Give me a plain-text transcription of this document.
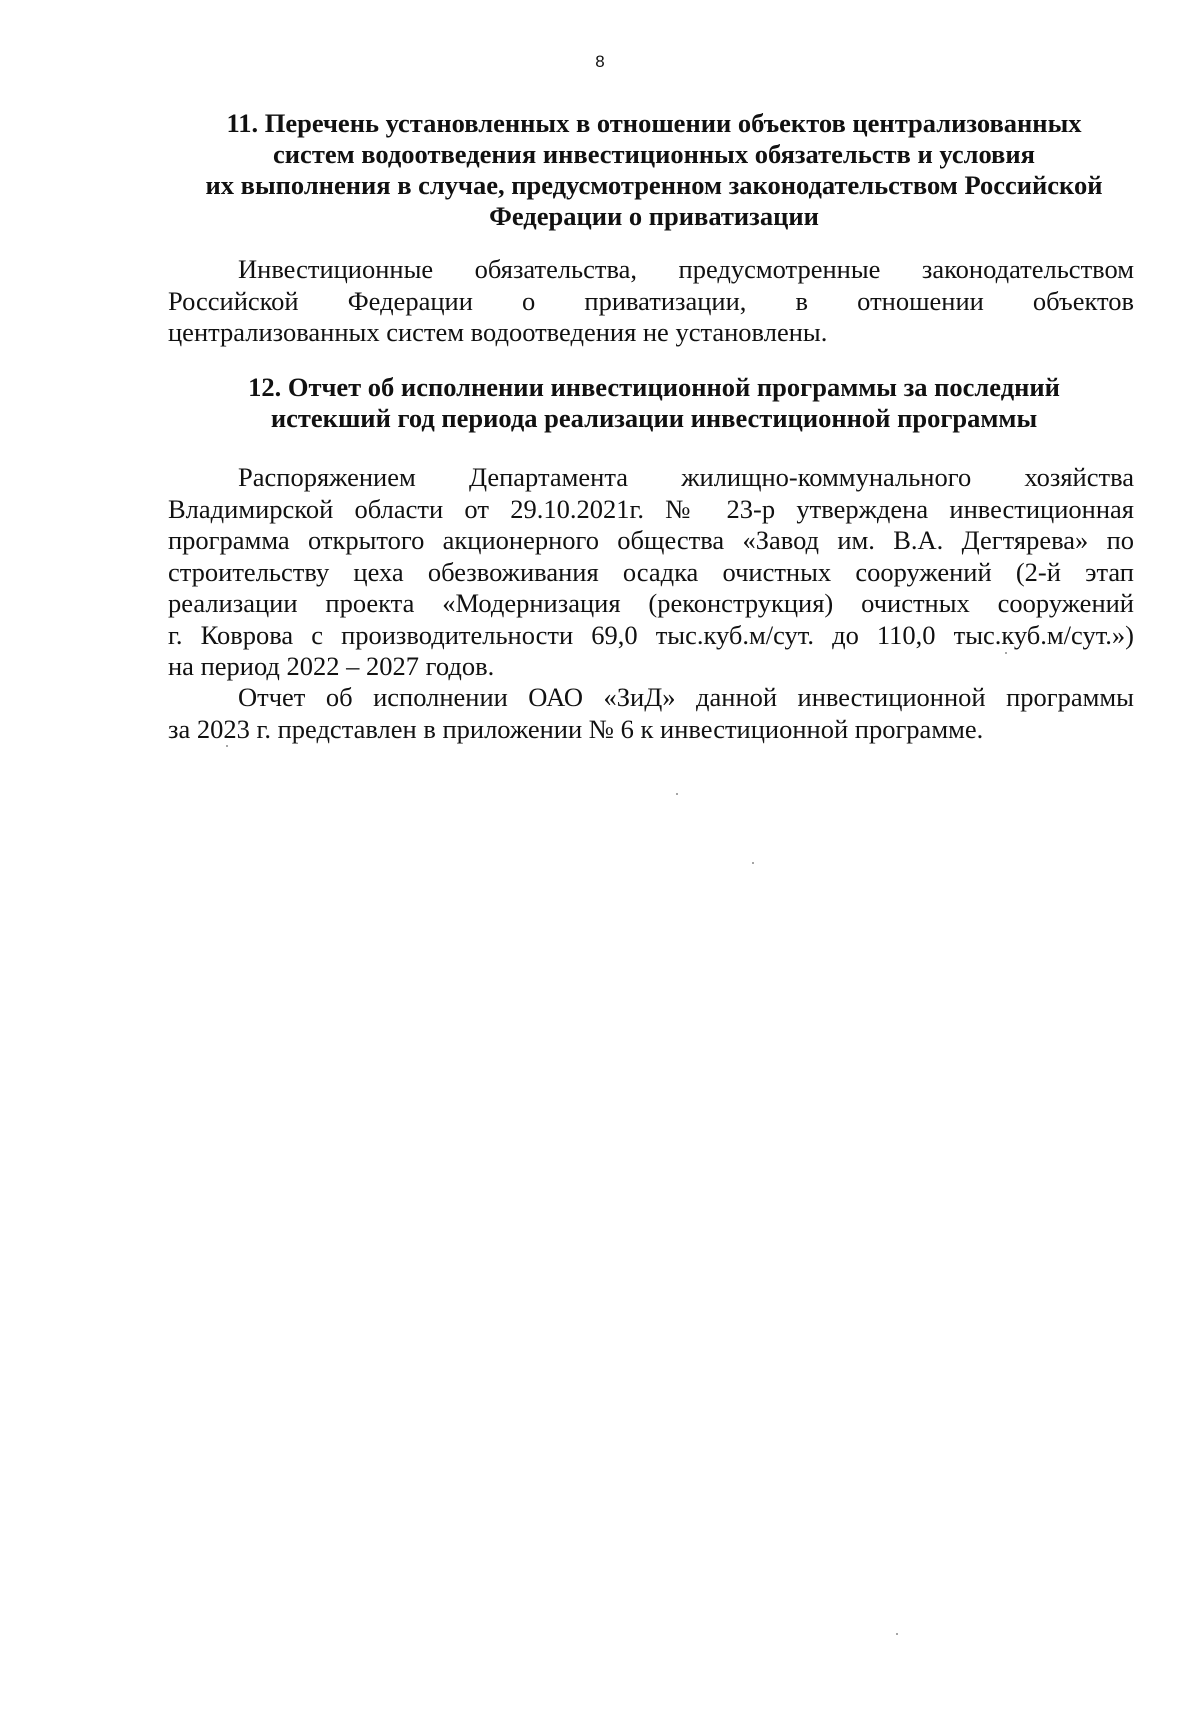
8
11. Перечень установленных в отношении объектов централизованных
систем водоотведения инвестиционных обязательств и условия
их выполнения в случае, предусмотренном законодательством Российской
Федерации о приватизации
Инвестиционные обязательства, предусмотренные законодательством
Российской Федерации о приватизации, в отношении объектов
централизованных систем водоотведения не установлены.
12. Отчет об исполнении инвестиционной программы за последний
истекший год периода реализации инвестиционной программы
Распоряжением Департамента жилищно-коммунального хозяйства
Владимирской области от 29.10.2021г. № 23-р утверждена инвестиционная
программа открытого акционерного общества «Завод им. В.А. Дегтярева» по
строительству цеха обезвоживания осадка очистных сооружений (2-й этап
реализации проекта «Модернизация (реконструкция) очистных сооружений
г. Коврова с производительности 69,0 тыс.куб.м/сут. до 110,0 тыс.куб.м/сут.»)
на период 2022 – 2027 годов.
Отчет об исполнении ОАО «ЗиД» данной инвестиционной программы
за 2023 г. представлен в приложении № 6 к инвестиционной программе.
